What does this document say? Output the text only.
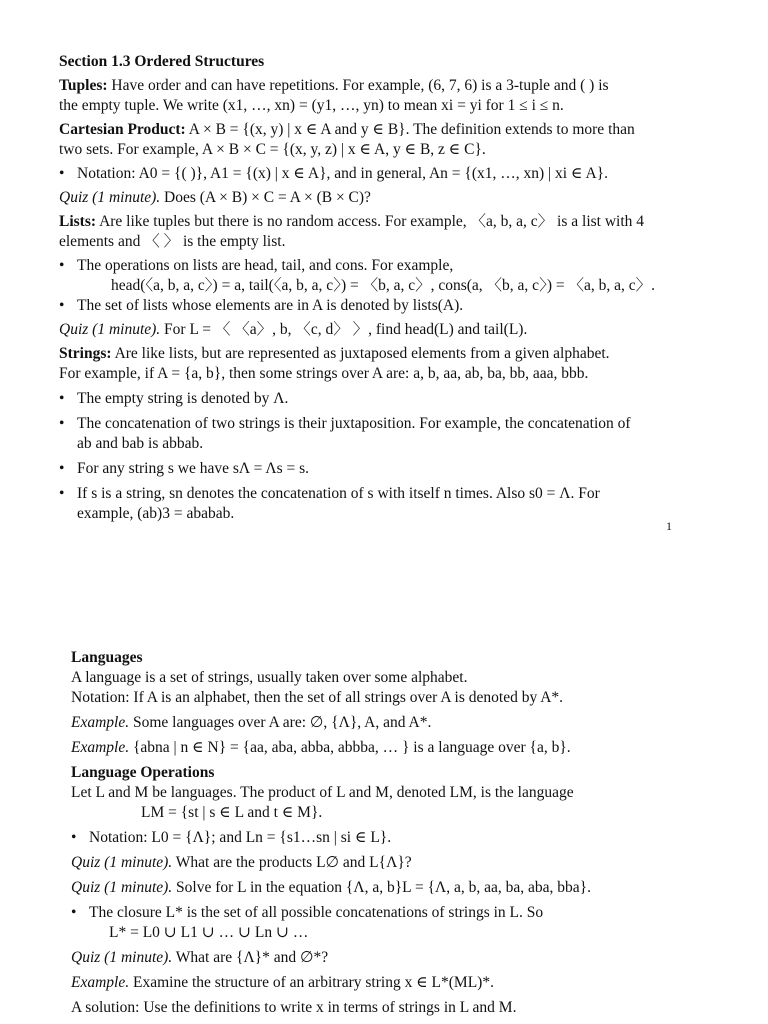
Section 1.3 Ordered Structures
Tuples: Have order and can have repetitions. For example, (6, 7, 6) is a 3-tuple and ( ) is
the empty tuple. We write (x1, …, xn) = (y1, …, yn) to mean xi = yi for 1 ≤ i ≤ n.
Cartesian Product: A × B = {(x, y) | x ∈ A and y ∈ B}. The definition extends to more than
two sets. For example, A × B × C = {(x, y, z) | x ∈ A, y ∈ B, z ∈ C}.
• Notation: A0 = {( )}, A1 = {(x) | x ∈ A}, and in general, An = {(x1, …, xn) | xi ∈ A}.
Quiz (1 minute). Does (A × B) × C = A × (B × C)?
Lists: Are like tuples but there is no random access. For example, 〈a, b, a, c〉 is a list with 4
elements and 〈 〉 is the empty list.
• The operations on lists are head, tail, and cons. For example,
head(〈a, b, a, c〉) = a, tail(〈a, b, a, c〉) = 〈b, a, c〉, cons(a, 〈b, a, c〉) = 〈a, b, a, c〉.
• The set of lists whose elements are in A is denoted by lists(A).
Quiz (1 minute). For L = 〈 〈a〉, b, 〈c, d〉 〉, find head(L) and tail(L).
Strings: Are like lists, but are represented as juxtaposed elements from a given alphabet.
For example, if A = {a, b}, then some strings over A are: a, b, aa, ab, ba, bb, aaa, bbb.
• The empty string is denoted by Λ.
• The concatenation of two strings is their juxtaposition. For example, the concatenation of
ab and bab is abbab.
• For any string s we have sΛ = Λs = s.
• If s is a string, sn denotes the concatenation of s with itself n times. Also s0 = Λ. For
example, (ab)3 = ababab.
1
Languages
A language is a set of strings, usually taken over some alphabet.
Notation: If A is an alphabet, then the set of all strings over A is denoted by A*.
Example. Some languages over A are: ∅, {Λ}, A, and A*.
Example. {abna | n ∈ N} = {aa, aba, abba, abbba, … } is a language over {a, b}.
Language Operations
Let L and M be languages. The product of L and M, denoted LM, is the language
LM = {st | s ∈ L and t ∈ M}.
• Notation: L0 = {Λ}; and Ln = {s1…sn | si ∈ L}.
Quiz (1 minute). What are the products L∅ and L{Λ}?
Quiz (1 minute). Solve for L in the equation {Λ, a, b}L = {Λ, a, b, aa, ba, aba, bba}.
• The closure L* is the set of all possible concatenations of strings in L. So
L* = L0 ∪ L1 ∪ … ∪ Ln ∪ …
Quiz (1 minute). What are {Λ}* and ∅*?
Example. Examine the structure of an arbitrary string x ∈ L*(ML)*.
A solution: Use the definitions to write x in terms of strings in L and M.
